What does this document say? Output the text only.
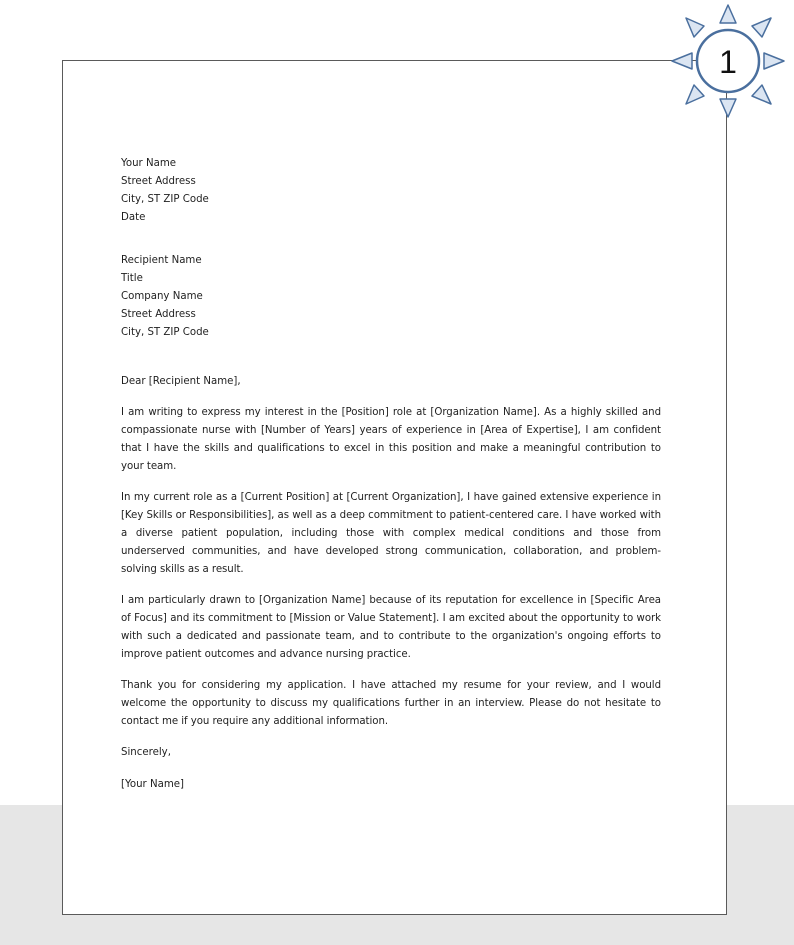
Your Name

Street Address

City, ST ZIP Code

Date

Recipient Name

Title

Company Name

Street Address

City, ST ZIP Code

Dear [Recipient Name],

I am writing to express my interest in the [Position] role at [Organization Name]. As a highly skilled and compassionate nurse with [Number of Years] years of experience in [Area of Expertise], I am confident that I have the skills and qualifications to excel in this position and make a meaningful contribution to your team.

In my current role as a [Current Position] at [Current Organization], I have gained extensive experience in [Key Skills or Responsibilities], as well as a deep commitment to patient-centered care. I have worked with a diverse patient population, including those with complex medical conditions and those from underserved communities, and have developed strong communication, collaboration, and problem-solving skills as a result.

I am particularly drawn to [Organization Name] because of its reputation for excellence in [Specific Area of Focus] and its commitment to [Mission or Value Statement]. I am excited about the opportunity to work with such a dedicated and passionate team, and to contribute to the organization's ongoing efforts to improve patient outcomes and advance nursing practice.

Thank you for considering my application. I have attached my resume for your review, and I would welcome the opportunity to discuss my qualifications further in an interview. Please do not hesitate to contact me if you require any additional information.

Sincerely,

[Your Name]

1
